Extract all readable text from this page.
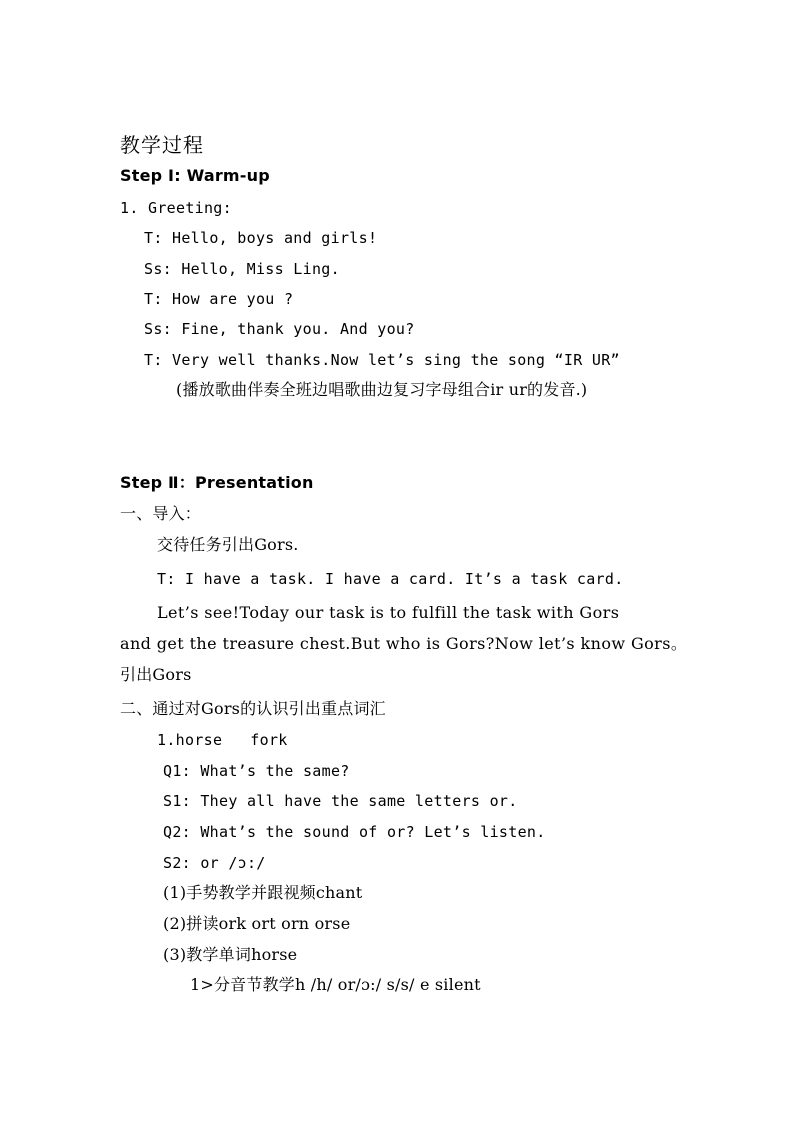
教学过程
Step Ⅰ: Warm-up
1. Greeting:
T: Hello, boys and girls!
Ss: Hello, Miss Ling.
T: How are you ?
Ss: Fine, thank you. And you?
T: Very well thanks.Now let’s sing the song “IR UR”
(播放歌曲伴奏全班边唱歌曲边复习字母组合ir ur的发音.)
Step Ⅱ：Presentation
一、导入：
交待任务引出Gors.
T: I have a task. I have a card. It’s a task card.
Let’s see!Today our task is to fulfill the task with Gors
and get the treasure chest.But who is Gors?Now let’s know Gors。
引出Gors
二、通过对Gors的认识引出重点词汇
1.horse   fork
Q1: What’s the same?
S1: They all have the same letters or.
Q2: What’s the sound of or? Let’s listen.
S2: or /ɔ:/
(1)手势教学并跟视频chant
(2)拼读ork ort orn orse
(3)教学单词horse
1>分音节教学h /h/ or/ɔ:/ s/s/ e silent
